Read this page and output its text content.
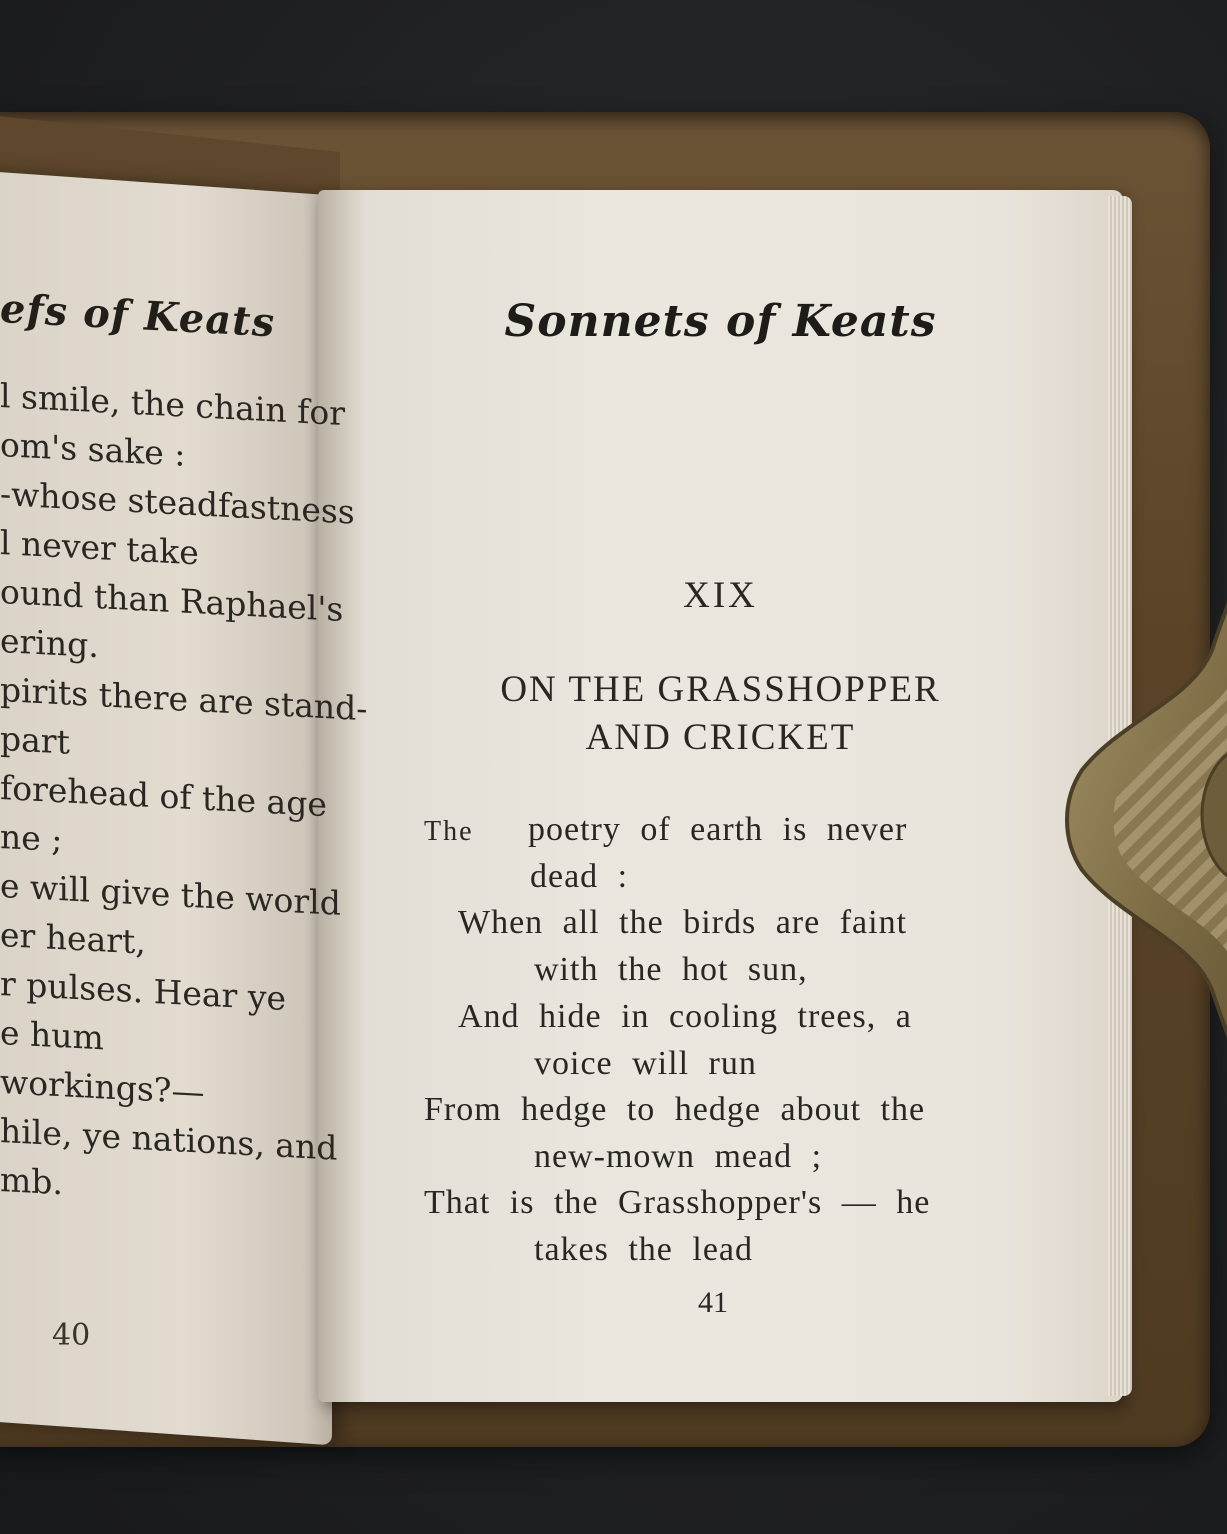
efs of Keats
l smile, the chain for
om's sake :
-whose steadfastness
l never take
ound than Raphael's
ering.
pirits there are stand-
part
forehead of the age
ne ;
e will give the world
er heart,
r pulses. Hear ye
e hum
workings?—
hile, ye nations, and
mb.
40
Sonnets of Keats
XIX
ON THE GRASSHOPPER
AND CRICKET
The poetry of earth is never
dead :
When all the birds are faint
with the hot sun,
And hide in cooling trees, a
voice will run
From hedge to hedge about the
new-mown mead ;
That is the Grasshopper's — he
takes the lead
41
